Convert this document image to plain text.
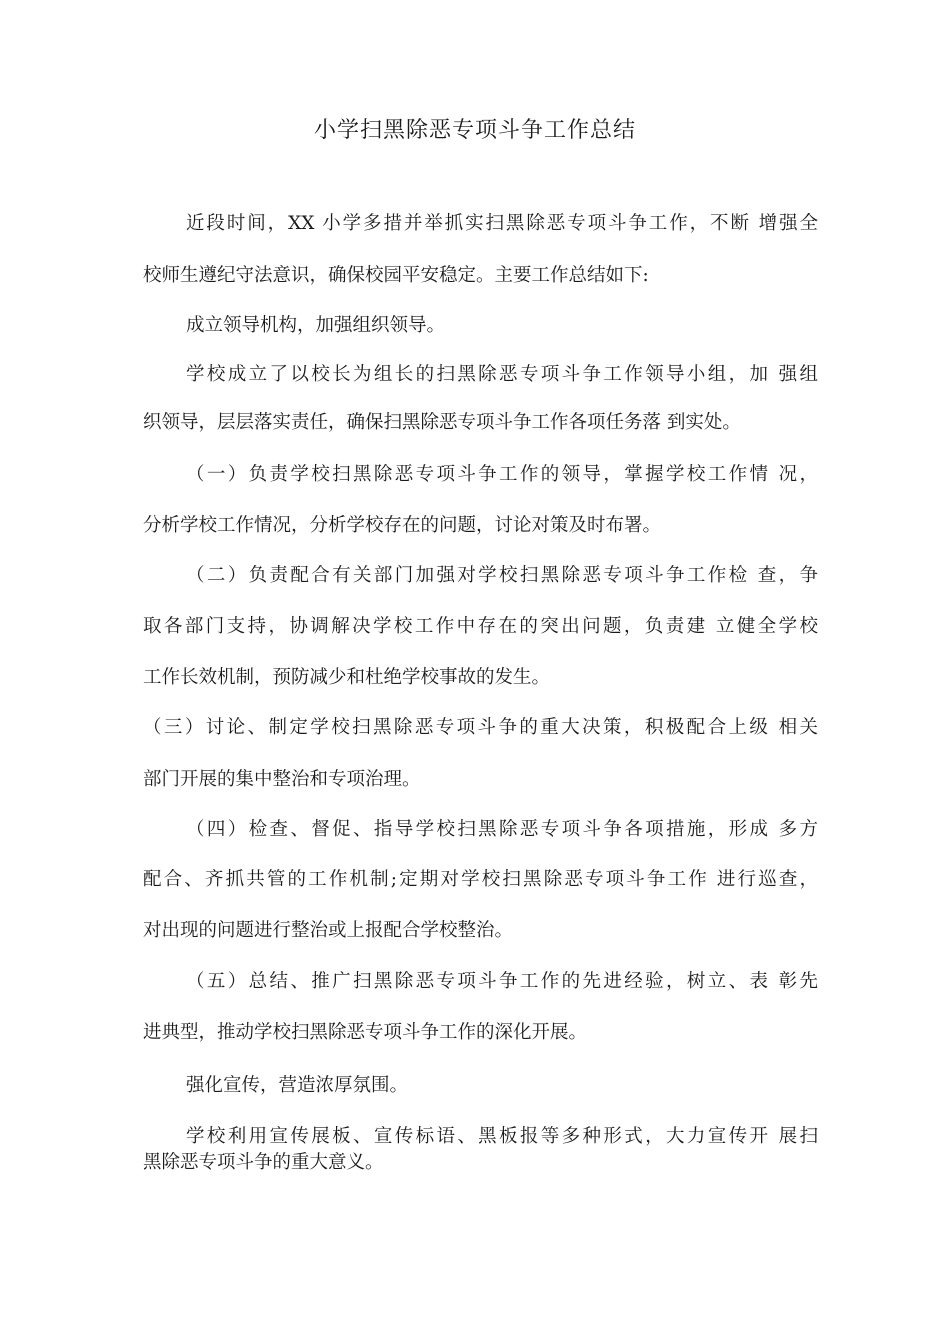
小学扫黑除恶专项斗争工作总结
近段时间，XX 小学多措并举抓实扫黑除恶专项斗争工作，不断 增强全
校师生遵纪守法意识，确保校园平安稳定。主要工作总结如下:
成立领导机构，加强组织领导。
学校成立了以校长为组长的扫黑除恶专项斗争工作领导小组，加 强组
织领导，层层落实责任，确保扫黑除恶专项斗争工作各项任务落 到实处。
（一）负责学校扫黑除恶专项斗争工作的领导，掌握学校工作情 况，
分析学校工作情况，分析学校存在的问题，讨论对策及时布署。
（二）负责配合有关部门加强对学校扫黑除恶专项斗争工作检 查，争
取各部门支持，协调解决学校工作中存在的突出问题，负责建 立健全学校
工作长效机制，预防减少和杜绝学校事故的发生。
（三）讨论、制定学校扫黑除恶专项斗争的重大决策，积极配合上级 相关
部门开展的集中整治和专项治理。
（四）检查、督促、指导学校扫黑除恶专项斗争各项措施，形成 多方
配合、齐抓共管的工作机制;定期对学校扫黑除恶专项斗争工作 进行巡查，
对出现的问题进行整治或上报配合学校整治。
（五）总结、推广扫黑除恶专项斗争工作的先进经验，树立、表 彰先
进典型，推动学校扫黑除恶专项斗争工作的深化开展。
强化宣传，营造浓厚氛围。
学校利用宣传展板、宣传标语、黑板报等多种形式，大力宣传开 展扫
黑除恶专项斗争的重大意义。
